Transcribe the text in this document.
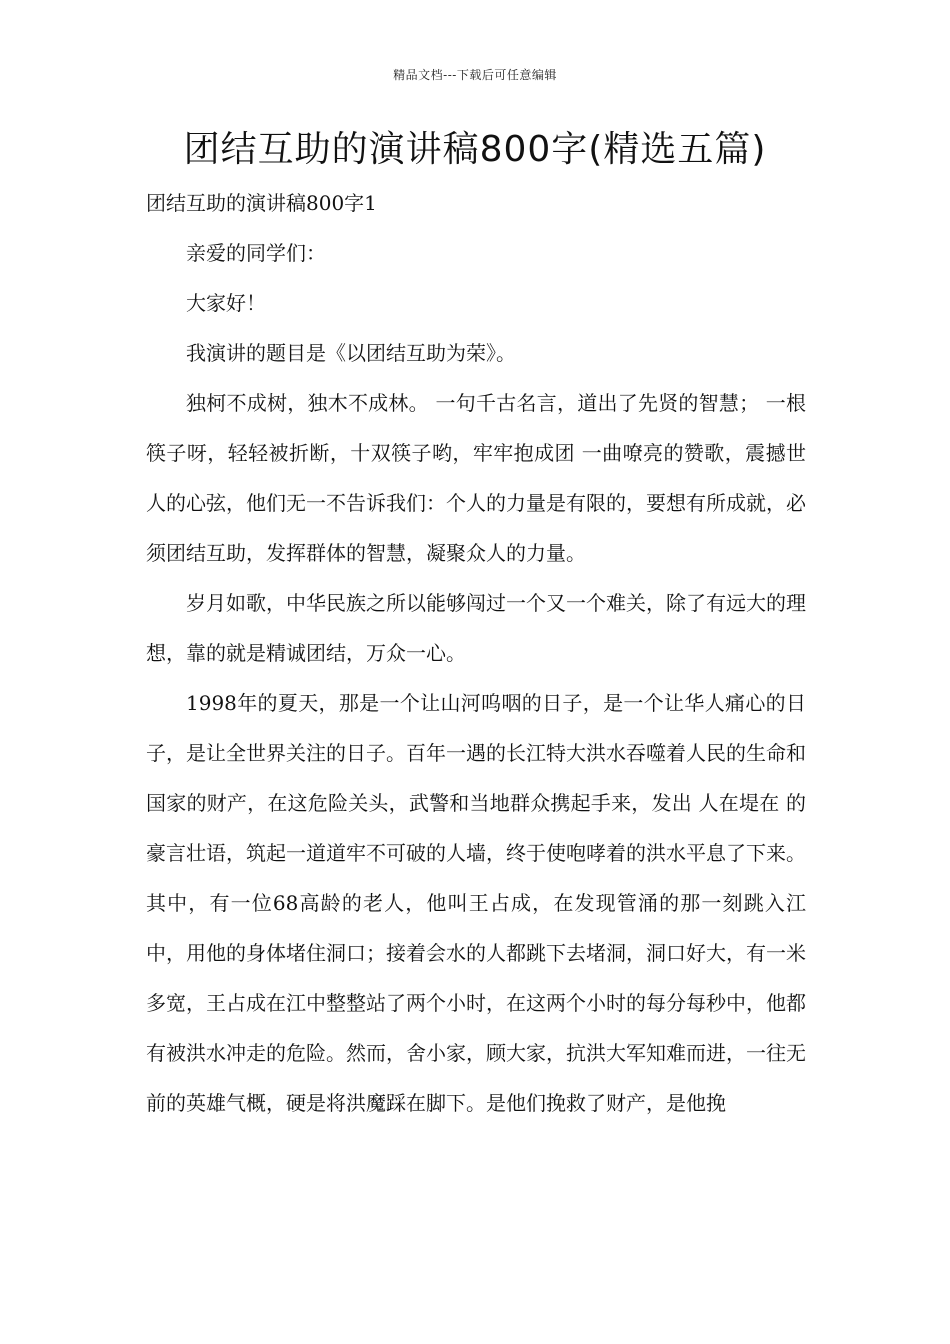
精品文档---下载后可任意编辑
团结互助的演讲稿800字(精选五篇)

团结互助的演讲稿800字1

亲爱的同学们：

大家好！

我演讲的题目是《以团结互助为荣》。

独柯不成树，独木不成林。 一句千古名言，道出了先贤的智慧； 一根筷子呀，轻轻被折断，十双筷子哟，牢牢抱成团 一曲嘹亮的赞歌，震撼世人的心弦，他们无一不告诉我们：个人的力量是有限的，要想有所成就，必须团结互助，发挥群体的智慧，凝聚众人的力量。

岁月如歌，中华民族之所以能够闯过一个又一个难关，除了有远大的理想，靠的就是精诚团结，万众一心。

1998年的夏天，那是一个让山河呜咽的日子，是一个让华人痛心的日子，是让全世界关注的日子。百年一遇的长江特大洪水吞噬着人民的生命和国家的财产，在这危险关头，武警和当地群众携起手来，发出 人在堤在 的豪言壮语，筑起一道道牢不可破的人墙，终于使咆哮着的洪水平息了下来。其中，有一位68高龄的老人，他叫王占成，在发现管涌的那一刻跳入江中，用他的身体堵住洞口；接着会水的人都跳下去堵洞，洞口好大，有一米多宽，王占成在江中整整站了两个小时，在这两个小时的每分每秒中，他都有被洪水冲走的危险。然而，舍小家，顾大家，抗洪大军知难而进，一往无前的英雄气概，硬是将洪魔踩在脚下。是他们挽救了财产，是他挽
